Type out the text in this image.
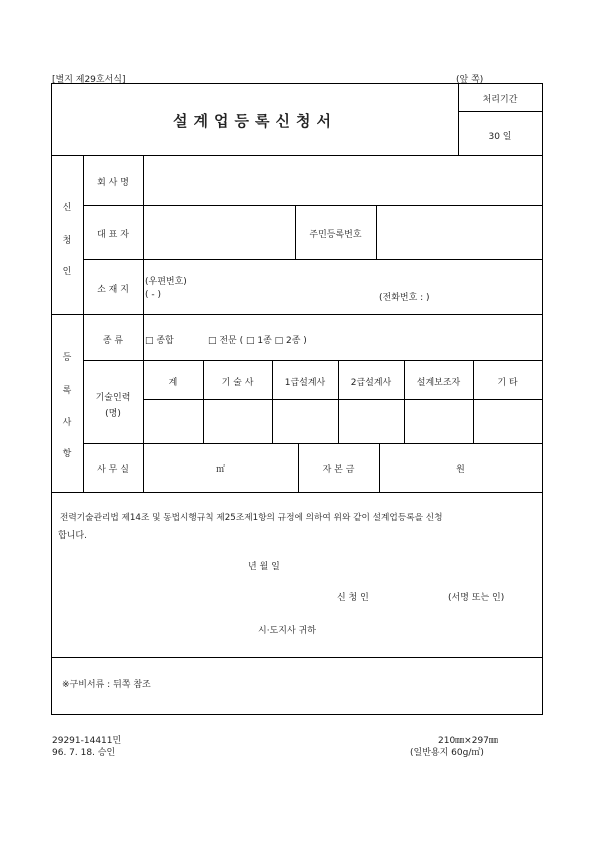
[별지 제29호서식]	(앞 쪽)
설계업등록신청서
처리기간
30 일
신
청
인
회 사 명
대 표 자	주민등록번호
소 재 지
(우편번호)
( - )	(전화번호 : )
등
록
사
항
종 류	□ 종합	□ 전문 ( □ 1종 □ 2종 )
기술인력
(명)
계	기 술 사	1급설계사	2급설계사	설계보조자	기 타
사 무 실	㎡	자 본 금	원
전력기술관리법 제14조 및 동법시행규칙 제25조제1항의 규정에 의하여 위와 같이 설계업등록을 신청
합니다.
년 월 일
신 청 인	(서명 또는 인)
시·도지사 귀하
※구비서류 : 뒤쪽 참조
29291-14411민
96. 7. 18. 승인
210㎜×297㎜
(일반용지 60g/㎡)
